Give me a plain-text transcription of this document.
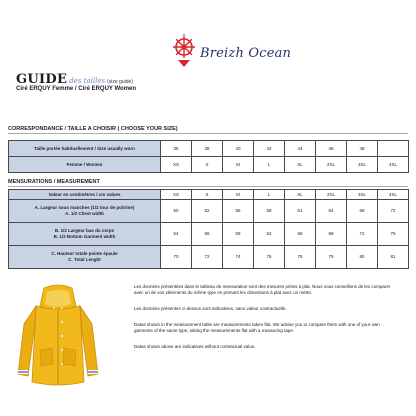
Breizh Ocean
GUIDE des tailles (size guide)
Ciré ERQUY Femme / Ciré ERQUY Women
CORRESPONDANCE / TAILLE A CHOISIR ( CHOOSE YOUR SIZE)
Taille portée habituellement / Size usually worn	36	38	40	42	44	46	48	
Femme / Women	XS	S	M	L	XL	2XL	3XL	4XL
MENSURATIONS / MEASUREMENT
Valeur en centimètres / cm values	XS	S	M	L	XL	2XL	3XL	4XL

A. Largeur sous manches (1/2 tour de poitrine)
A. 1/2 Chest width	50	52	55	58	61	64	68	72

B. 1/2 Largeur bas du corps
B. 1/2 Bottom Garment width	54	56	59	62	65	68	72	76

C. Hauteur totale pointe épaule
C. Total Lenght	70	72	74	76	78	79	80	81
Les données présentées dans le tableau de mensuration sont des mesures prises à plat. Nous vous conseillons de les comparer avec un de vos vêtements du même type en prenant les dimentions à plat avec un mètre.
Les données présentes ci-dessus sont indicatives, sans valeur contractuelle.
Datas shown in the measurement table are measurements taken flat. We advise you to compare them with one of your own garments of the same type, taking the measurements flat with a measuring tape.
Datas shown above are indicatives without contractual value.
